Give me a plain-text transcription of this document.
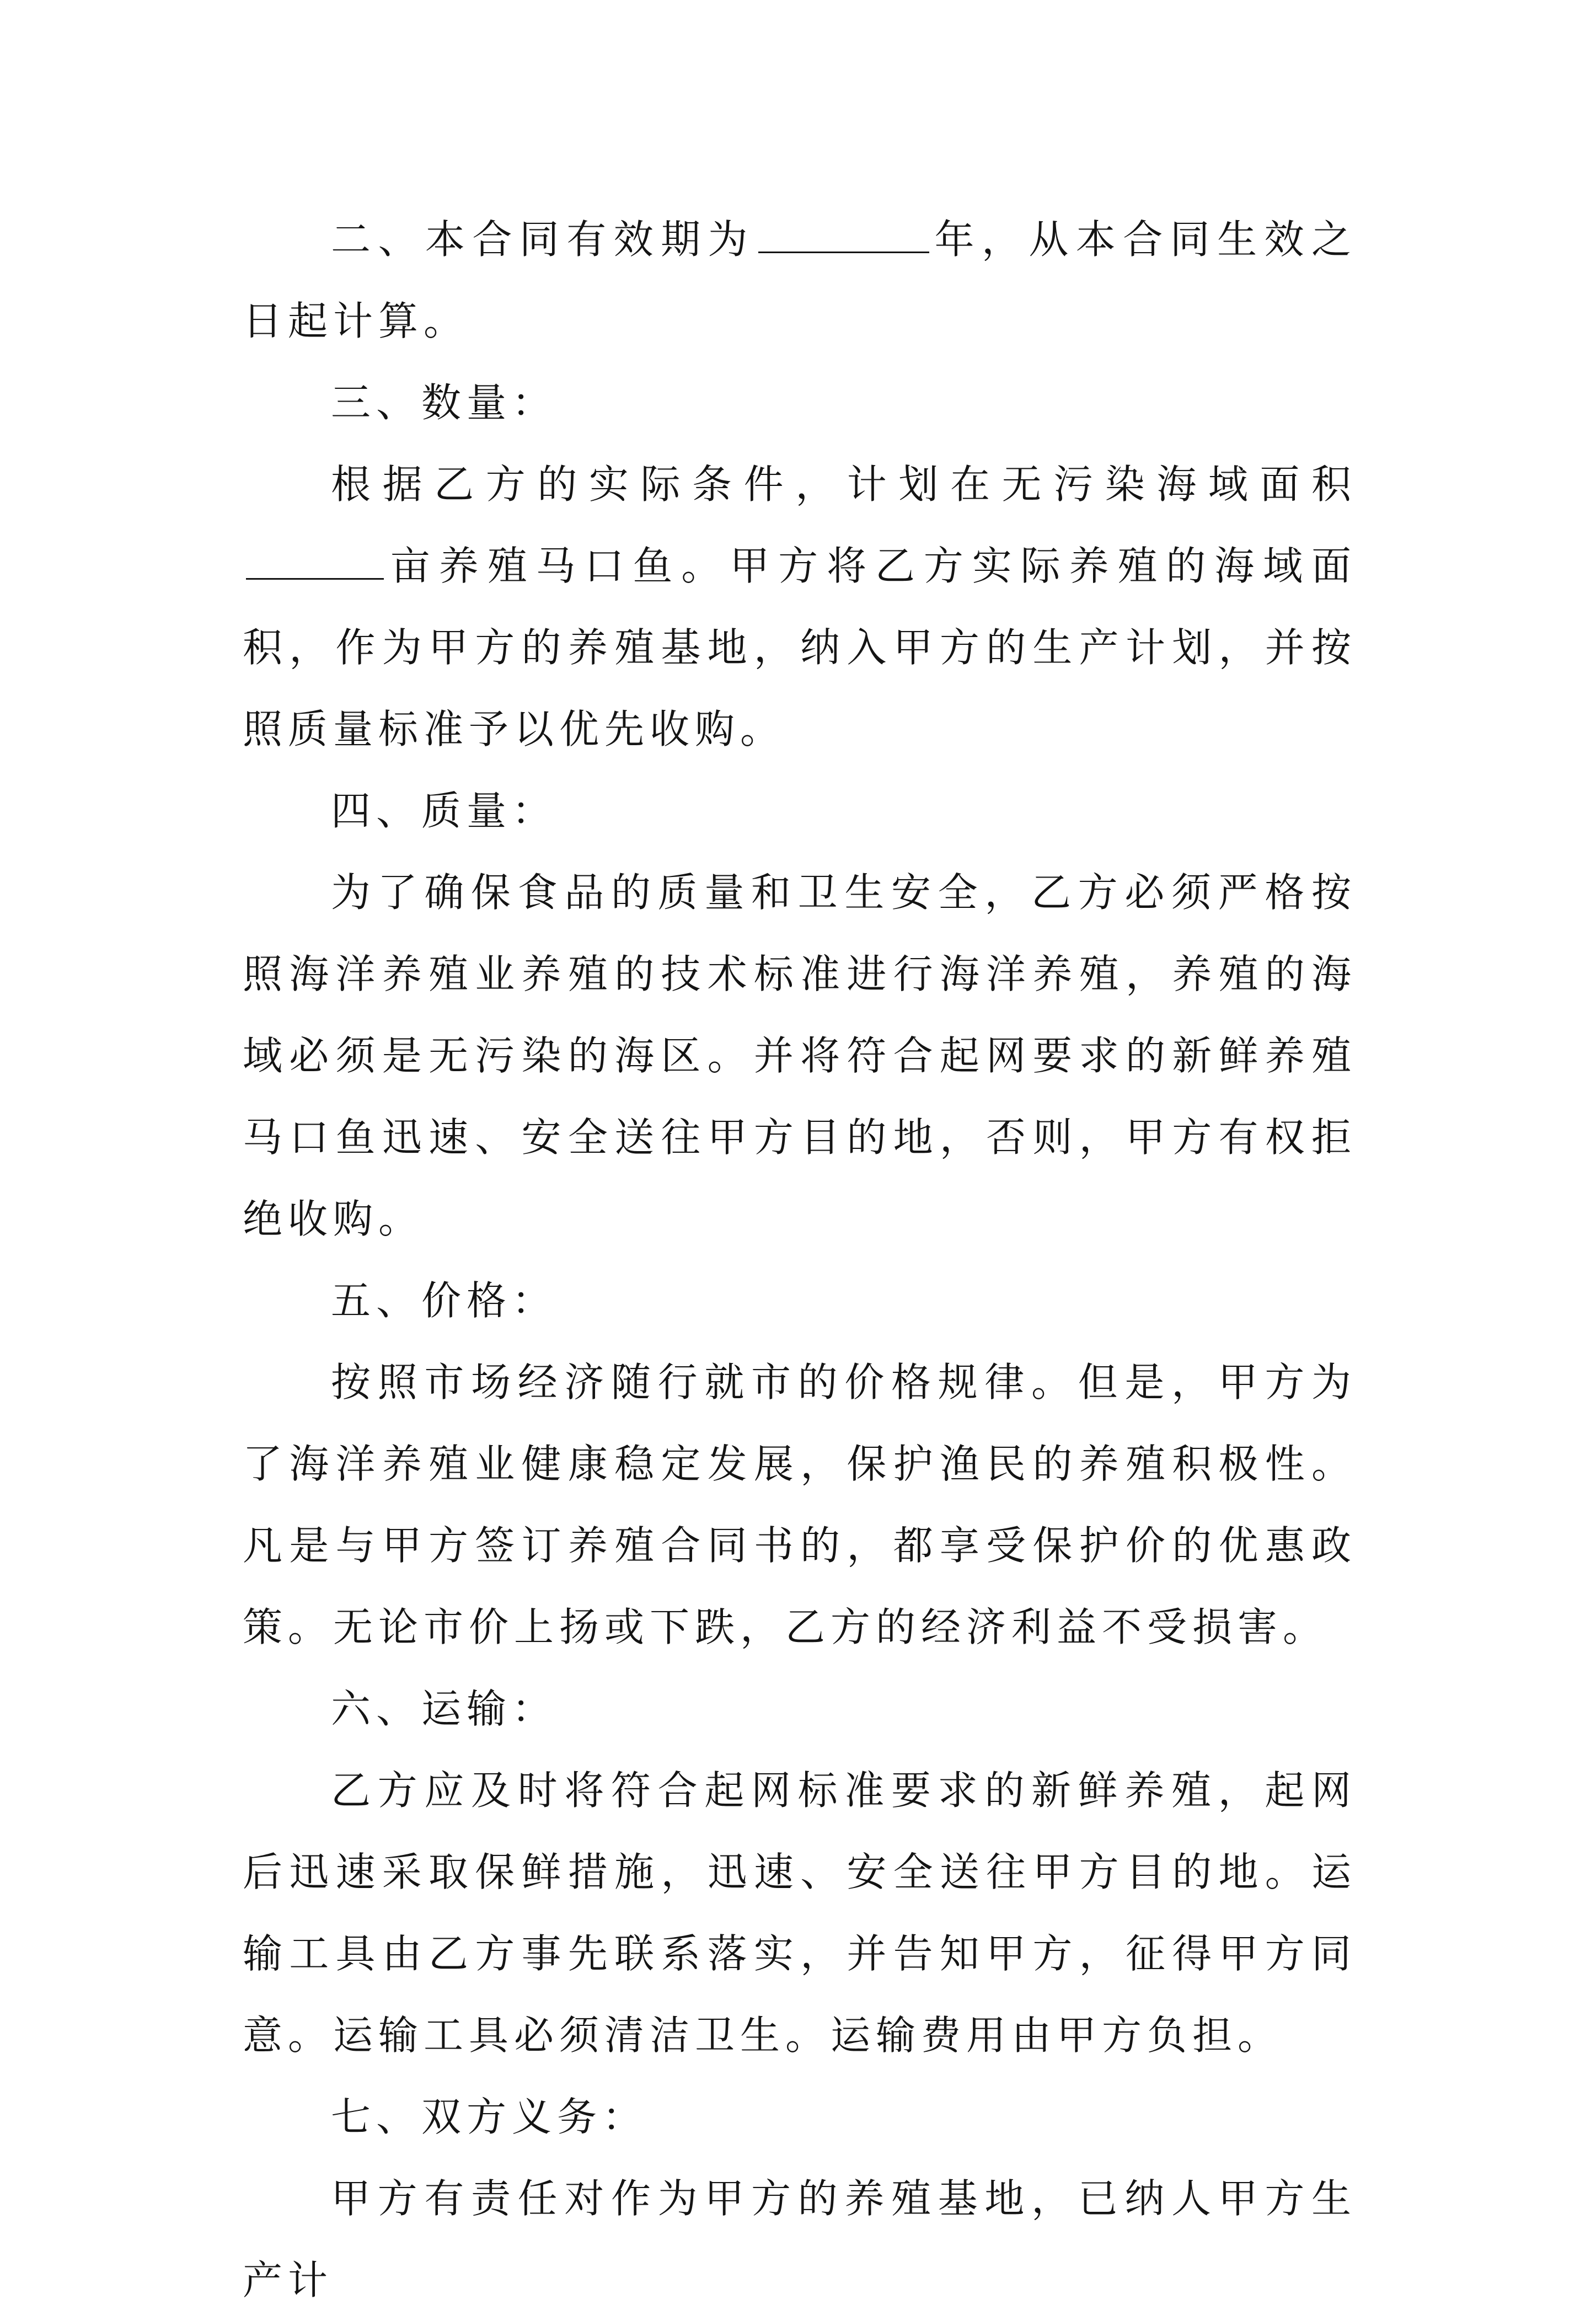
二、本合同有效期为	年，从本合同生效之日起计算。

三、数量：

根据乙方的实际条件，计划在无污染海域面积亩养殖马口鱼。甲方将乙方实际养殖的海域面积，作为甲方的养殖基地，纳入甲方的生产计划，并按照质量标准予以优先收购。

四、质量：

为了确保食品的质量和卫生安全，乙方必须严格按照海洋养殖业养殖的技术标准进行海洋养殖，养殖的海域必须是无污染的海区。并将符合起网要求的新鲜养殖马口鱼迅速、安全送往甲方目的地，否则，甲方有权拒绝收购。

五、价格：

按照市场经济随行就市的价格规律。但是，甲方为了海洋养殖业健康稳定发展，保护渔民的养殖积极性。凡是与甲方签订养殖合同书的，都享受保护价的优惠政策。无论市价上扬或下跌，乙方的经济利益不受损害。

六、运输：

乙方应及时将符合起网标准要求的新鲜养殖，起网后迅速采取保鲜措施，迅速、安全送往甲方目的地。运输工具由乙方事先联系落实，并告知甲方，征得甲方同意。运输工具必须清洁卫生。运输费用由甲方负担。

七、双方义务：

甲方有责任对作为甲方的养殖基地，已纳人甲方生产计
